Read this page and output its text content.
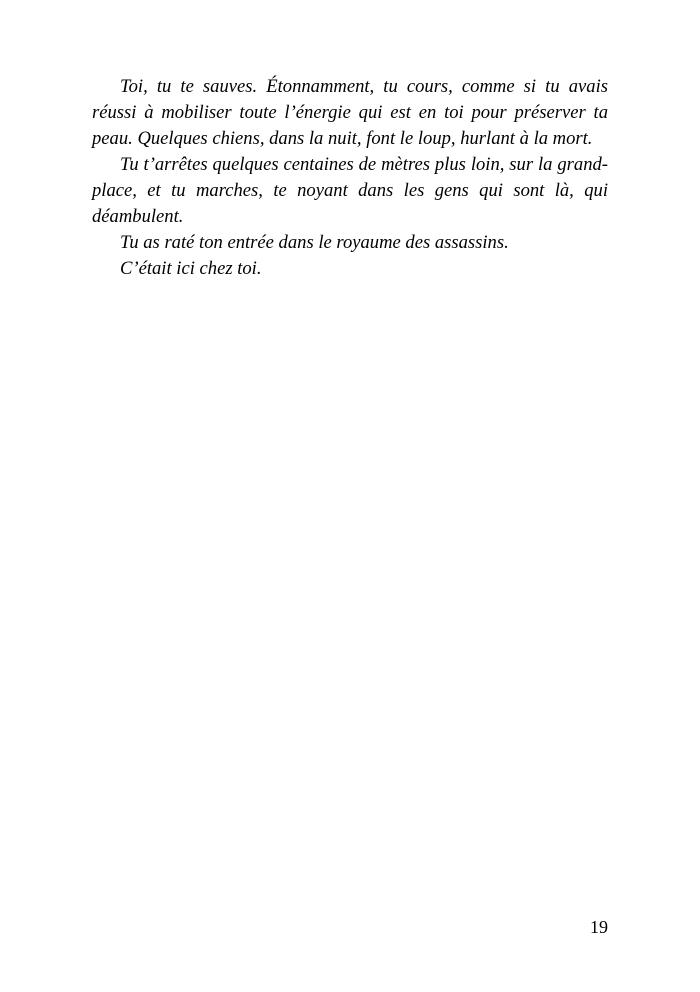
Toi, tu te sauves. Étonnamment, tu cours, comme si tu avais réussi à mobiliser toute l’énergie qui est en toi pour préserver ta peau. Quelques chiens, dans la nuit, font le loup, hurlant à la mort.

Tu t’arrêtes quelques centaines de mètres plus loin, sur la grand-place, et tu marches, te noyant dans les gens qui sont là, qui déambulent.

Tu as raté ton entrée dans le royaume des assassins.

C’était ici chez toi.

19
